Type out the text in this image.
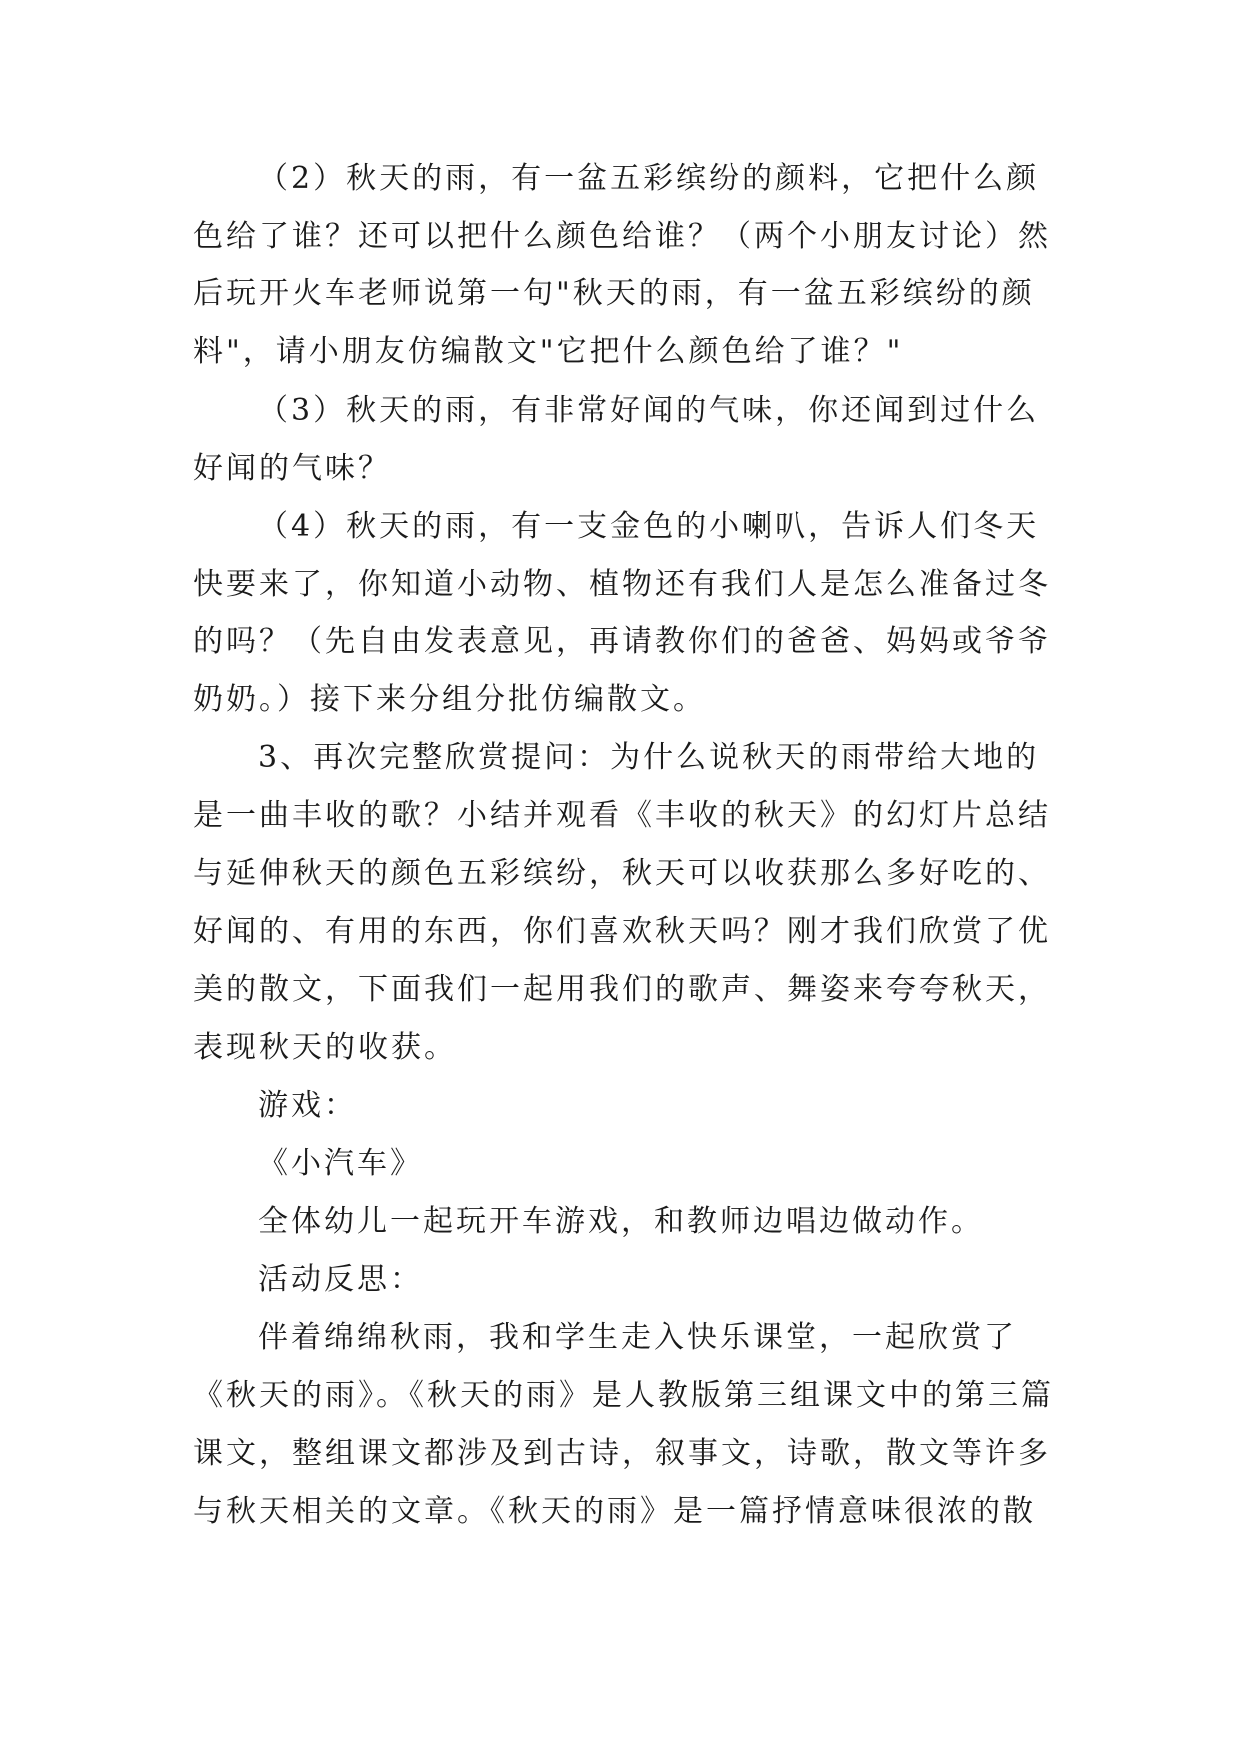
（2）秋天的雨，有一盆五彩缤纷的颜料，它把什么颜
色给了谁？还可以把什么颜色给谁？（两个小朋友讨论）然
后玩开火车老师说第一句"秋天的雨，有一盆五彩缤纷的颜
料"，请小朋友仿编散文"它把什么颜色给了谁？"
（3）秋天的雨，有非常好闻的气味，你还闻到过什么
好闻的气味？
（4）秋天的雨，有一支金色的小喇叭，告诉人们冬天
快要来了，你知道小动物、植物还有我们人是怎么准备过冬
的吗？（先自由发表意见，再请教你们的爸爸、妈妈或爷爷
奶奶。）接下来分组分批仿编散文。
3、再次完整欣赏提问：为什么说秋天的雨带给大地的
是一曲丰收的歌？小结并观看《丰收的秋天》的幻灯片总结
与延伸秋天的颜色五彩缤纷，秋天可以收获那么多好吃的、
好闻的、有用的东西，你们喜欢秋天吗？刚才我们欣赏了优
美的散文，下面我们一起用我们的歌声、舞姿来夸夸秋天，
表现秋天的收获。
游戏：
《小汽车》
全体幼儿一起玩开车游戏，和教师边唱边做动作。
活动反思：
伴着绵绵秋雨，我和学生走入快乐课堂，一起欣赏了
《秋天的雨》。《秋天的雨》是人教版第三组课文中的第三篇
课文，整组课文都涉及到古诗，叙事文，诗歌，散文等许多
与秋天相关的文章。《秋天的雨》是一篇抒情意味很浓的散
